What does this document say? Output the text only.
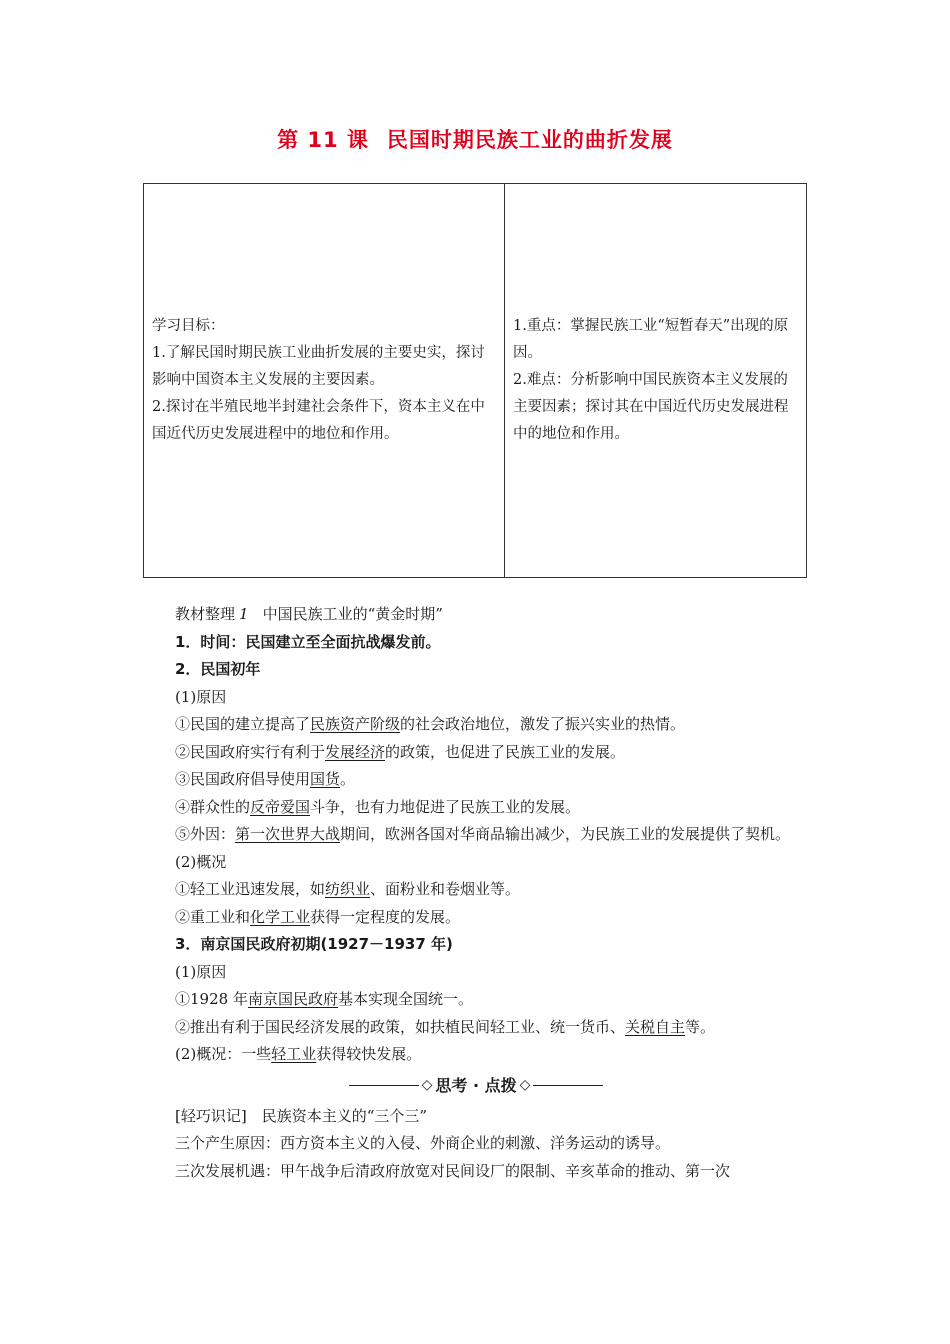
第 11 课 民国时期民族工业的曲折发展
学习目标：
1.了解民国时期民族工业曲折发展的主要史实，探讨影响中国资本主义发展的主要因素。
2.探讨在半殖民地半封建社会条件下，资本主义在中国近代历史发展进程中的地位和作用。

1.重点：掌握民族工业“短暂春天”出现的原因。
2.难点：分析影响中国民族资本主义发展的主要因素；探讨其在中国近代历史发展进程中的地位和作用。

教材整理 1 中国民族工业的“黄金时期”

1．时间：民国建立至全面抗战爆发前。

2．民国初年

(1)原因

①民国的建立提高了民族资产阶级的社会政治地位，激发了振兴实业的热情。

②民国政府实行有利于发展经济的政策，也促进了民族工业的发展。

③民国政府倡导使用国货。

④群众性的反帝爱国斗争，也有力地促进了民族工业的发展。

⑤外因：第一次世界大战期间，欧洲各国对华商品输出减少，为民族工业的发展提供了契机。

(2)概况

①轻工业迅速发展，如纺织业、面粉业和卷烟业等。

②重工业和化学工业获得一定程度的发展。

3．南京国民政府初期(1927－1937 年)

(1)原因

①1928 年南京国民政府基本实现全国统一。

②推出有利于国民经济发展的政策，如扶植民间轻工业、统一货币、关税自主等。

(2)概况：一些轻工业获得较快发展。

◇ 思考 · 点拨 ◇

[轻巧识记]　民族资本主义的“三个三”

三个产生原因：西方资本主义的入侵、外商企业的刺激、洋务运动的诱导。

三次发展机遇：甲午战争后清政府放宽对民间设厂的限制、辛亥革命的推动、第一次
